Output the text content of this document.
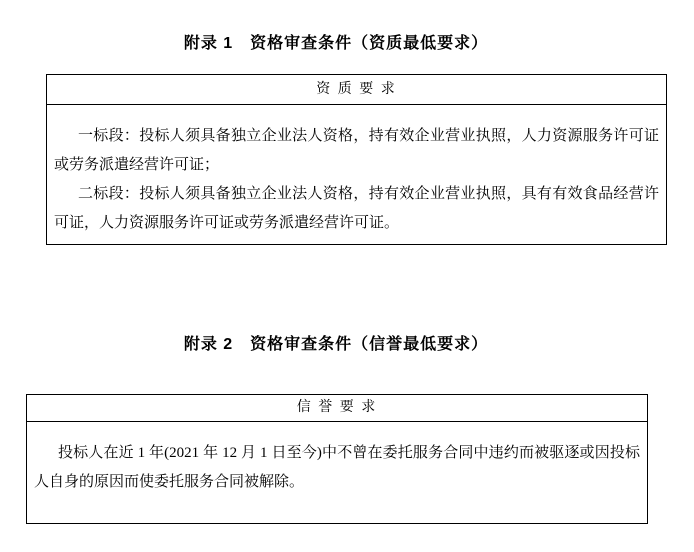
附录 1　资格审查条件（资质最低要求）
资 质 要 求

一标段：投标人须具备独立企业法人资格，持有效企业营业执照，人力资源服务许可证或劳务派遣经营许可证；

二标段：投标人须具备独立企业法人资格，持有效企业营业执照，具有有效食品经营许可证，人力资源服务许可证或劳务派遣经营许可证。

附录 2　资格审查条件（信誉最低要求）
信 誉 要 求

投标人在近 1 年(2021 年 12 月 1 日至今)中不曾在委托服务合同中违约而被驱逐或因投标人自身的原因而使委托服务合同被解除。
